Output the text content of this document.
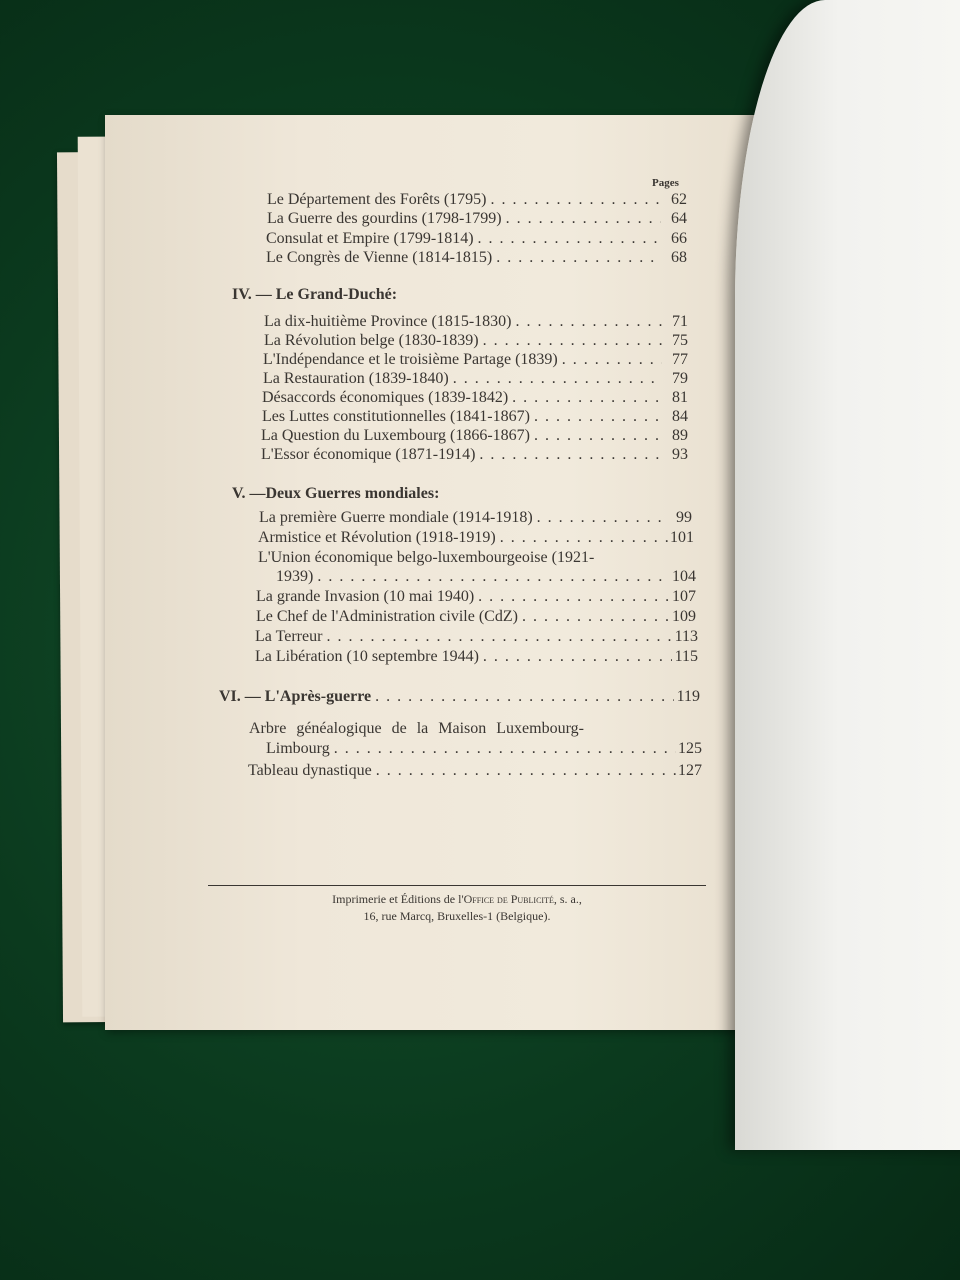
Pages
Le Département des Forêts (1795) . . .	62
La Guerre des gourdins (1798-1799) . . .	64
Consulat et Empire (1799-1814) . . .	66
Le Congrès de Vienne (1814-1815) . . .	68
IV. — Le Grand-Duché:
La dix-huitième Province (1815-1830) . . .	71
La Révolution belge (1830-1839) . . .	75
L'Indépendance et le troisième Partage (1839) . . .	77
La Restauration (1839-1840) . . .	79
Désaccords économiques (1839-1842) . . .	81
Les Luttes constitutionnelles (1841-1867) . . .	84
La Question du Luxembourg (1866-1867) . . .	89
L'Essor économique (1871-1914) . . .	93
V. —Deux Guerres mondiales:
La première Guerre mondiale (1914-1918) . . .	99
Armistice et Révolution (1918-1919) . . .	101
L'Union économique belgo-luxembourgeoise (1921-
1939) . . .	104
La grande Invasion (10 mai 1940) . . .	107
Le Chef de l'Administration civile (CdZ) . . .	109
La Terreur . . .	113
La Libération (10 septembre 1944) . . .	115
VI. — L'Après-guerre . . .	119
Arbre généalogique de la Maison Luxembourg-
Limbourg . . .	125
Tableau dynastique . . .	127
Imprimerie et Éditions de l'Office de Publicité, s. a.,
16, rue Marcq, Bruxelles-1 (Belgique).
